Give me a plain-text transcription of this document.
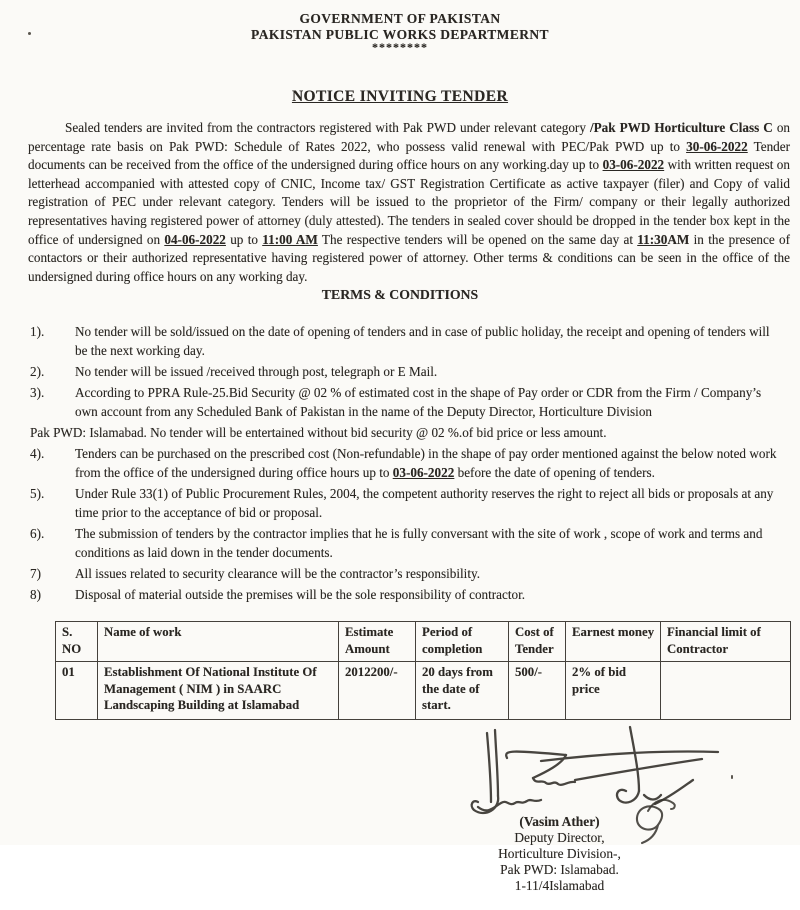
GOVERNMENT OF PAKISTAN
PAKISTAN PUBLIC WORKS DEPARTMERNT
********
NOTICE INVITING TENDER

Sealed tenders are invited from the contractors registered with Pak PWD under relevant category /Pak PWD Horticulture Class C on percentage rate basis on Pak PWD: Schedule of Rates 2022, who possess valid renewal with PEC/Pak PWD up to 30-06-2022 Tender documents can be received from the office of the undersigned during office hours on any working.day up to 03-06-2022 with written request on letterhead accompanied with attested copy of CNIC, Income tax/ GST Registration Certificate as active taxpayer (filer) and Copy of valid registration of PEC under relevant category. Tenders will be issued to the proprietor of the Firm/ company or their legally authorized representatives having registered power of attorney (duly attested). The tenders in sealed cover should be dropped in the tender box kept in the office of undersigned on 04-06-2022 up to 11:00 AM The respective tenders will be opened on the same day at 11:30AM in the presence of contactors or their authorized representative having registered power of attorney. Other terms & conditions can be seen in the office of the undersigned during office hours on any working day.

TERMS & CONDITIONS
1).	No tender will be sold/issued on the date of opening of tenders and in case of public holiday, the receipt and opening of tenders will be the next working day.
2).	No tender will be issued /received through post, telegraph or E Mail.
3).	According to PPRA Rule-25.Bid Security @ 02 % of estimated cost in the shape of Pay order or CDR from the Firm / Company’s own account from any Scheduled Bank of Pakistan in the name of the Deputy Director, Horticulture Division
Pak PWD: Islamabad. No tender will be entertained without bid security @ 02 %.of bid price or less amount.
4).	Tenders can be purchased on the prescribed cost (Non-refundable) in the shape of pay order mentioned against the below noted work from the office of the undersigned during office hours up to 03-06-2022 before the date of opening of tenders.
5).	Under Rule 33(1) of Public Procurement Rules, 2004, the competent authority reserves the right to reject all bids or proposals at any time prior to the acceptance of bid or proposal.
6).	The submission of tenders by the contractor implies that he is fully conversant with the site of work , scope of work and terms and conditions as laid down in the tender documents.
7)	All issues related to security clearance will be the contractor’s responsibility.
8)	Disposal of material outside the premises will be the sole responsibility of contractor.
S. NO	Name of work	Estimate Amount	Period of completion	Cost of Tender	Earnest money	Financial limit of Contractor
01	Establishment Of National Institute Of Management ( NIM ) in SAARC Landscaping Building at Islamabad	2012200/-	20 days from the date of start.	500/-	2% of bid price	
(Vasim Ather)
Deputy Director,
Horticulture Division-,
Pak PWD: Islamabad.
1-11/4Islamabad
